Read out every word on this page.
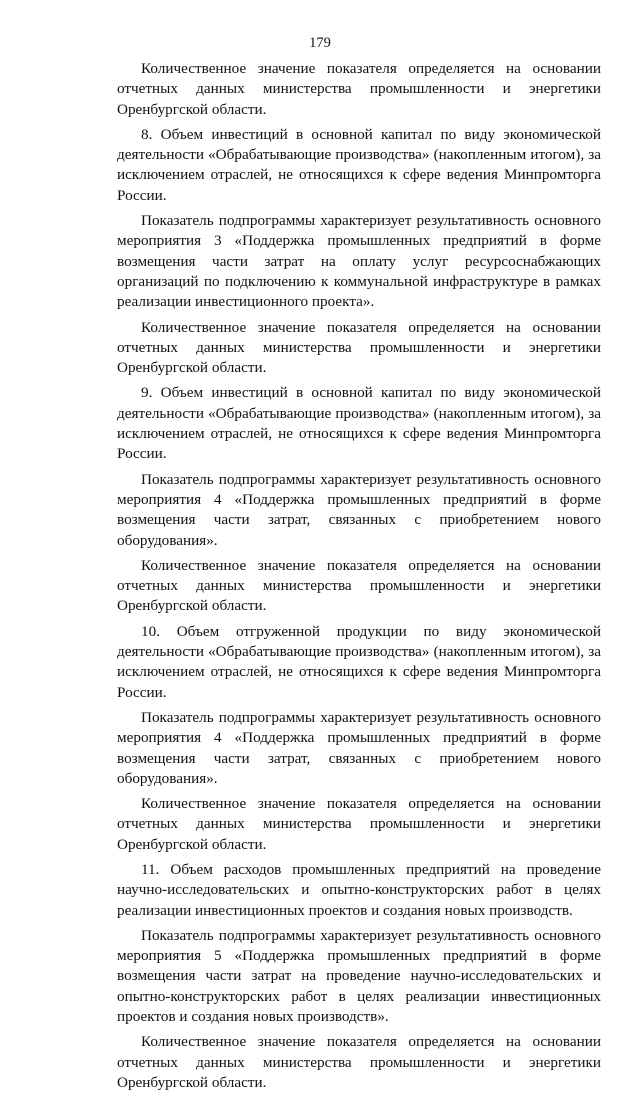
179

Количественное значение показателя определяется на основании отчетных данных министерства промышленности и энергетики Оренбургской области.

8. Объем инвестиций в основной капитал по виду экономической деятельности «Обрабатывающие производства» (накопленным итогом), за исключением отраслей, не относящихся к сфере ведения Минпромторга России.

Показатель подпрограммы характеризует результативность основного мероприятия 3 «Поддержка промышленных предприятий в форме возмещения части затрат на оплату услуг ресурсоснабжающих организаций по подключению к коммунальной инфраструктуре в рамках реализации инвестиционного проекта».

Количественное значение показателя определяется на основании отчетных данных министерства промышленности и энергетики Оренбургской области.

9. Объем инвестиций в основной капитал по виду экономической деятельности «Обрабатывающие производства» (накопленным итогом), за исключением отраслей, не относящихся к сфере ведения Минпромторга России.

Показатель подпрограммы характеризует результативность основного мероприятия 4 «Поддержка промышленных предприятий в форме возмещения части затрат, связанных с приобретением нового оборудования».

Количественное значение показателя определяется на основании отчетных данных министерства промышленности и энергетики Оренбургской области.

10. Объем отгруженной продукции по виду экономической деятельности «Обрабатывающие производства» (накопленным итогом), за исключением отраслей, не относящихся к сфере ведения Минпромторга России.

Показатель подпрограммы характеризует результативность основного мероприятия 4 «Поддержка промышленных предприятий в форме возмещения части затрат, связанных с приобретением нового оборудования».

Количественное значение показателя определяется на основании отчетных данных министерства промышленности и энергетики Оренбургской области.

11. Объем расходов промышленных предприятий на проведение научно-исследовательских и опытно-конструкторских работ в целях реализации инвестиционных проектов и создания новых производств.

Показатель подпрограммы характеризует результативность основного мероприятия 5 «Поддержка промышленных предприятий в форме возмещения части затрат на проведение научно-исследовательских и опытно-конструкторских работ в целях реализации инвестиционных проектов и создания новых производств».

Количественное значение показателя определяется на основании отчетных данных министерства промышленности и энергетики Оренбургской области.
